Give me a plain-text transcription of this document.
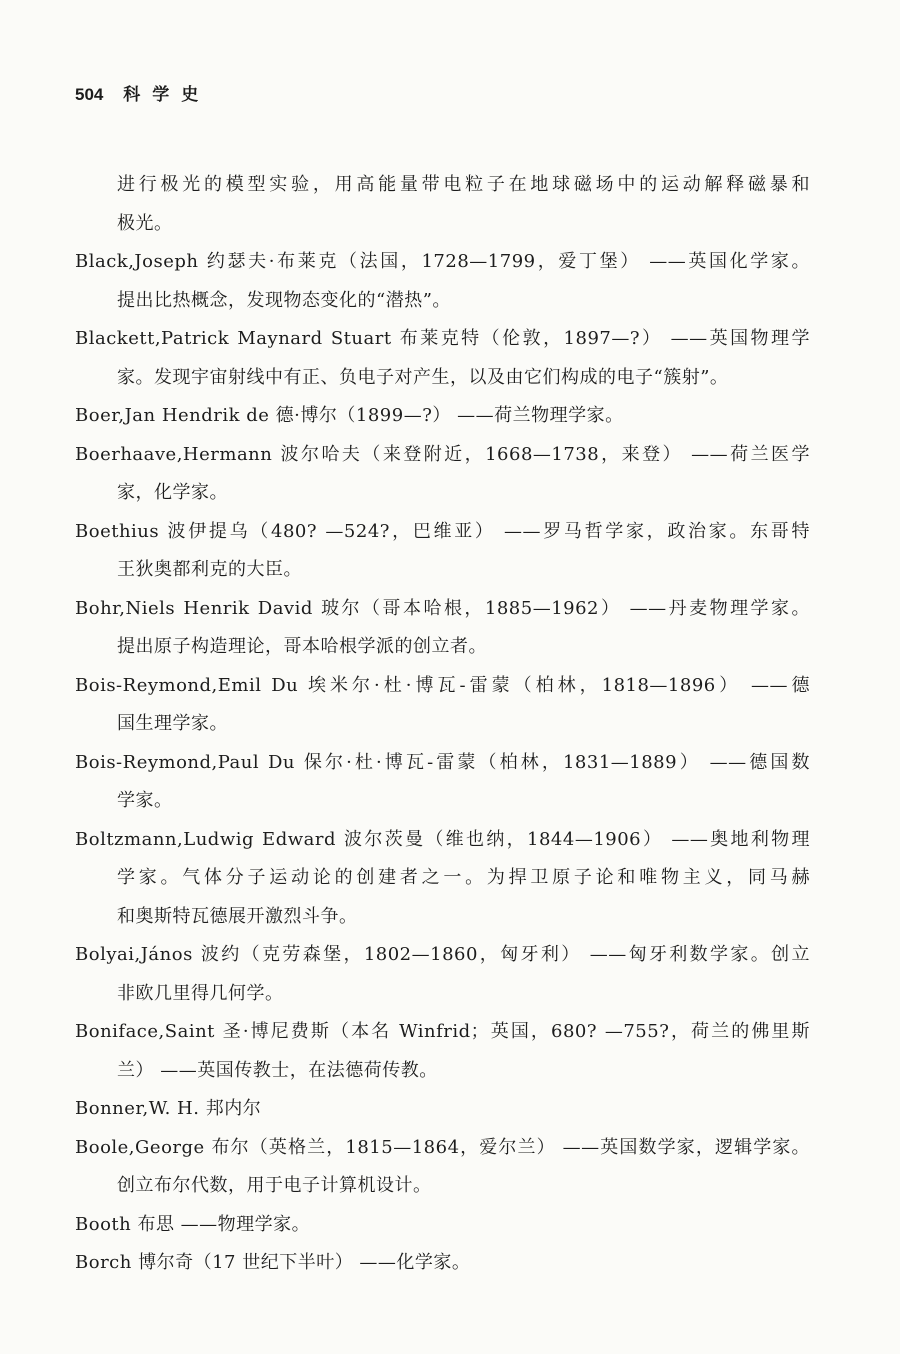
504 科学史
进行极光的模型实验，用高能量带电粒子在地球磁场中的运动解释磁暴和
极光。
Black,Joseph 约瑟夫·布莱克（法国，1728—1799，爱丁堡） ——英国化学家。
提出比热概念，发现物态变化的“潜热”。
Blackett,Patrick Maynard Stuart 布莱克特（伦敦，1897—?） ——英国物理学
家。发现宇宙射线中有正、负电子对产生，以及由它们构成的电子“簇射”。
Boer,Jan Hendrik de 德·博尔（1899—?） ——荷兰物理学家。
Boerhaave,Hermann 波尔哈夫（来登附近，1668—1738，来登） ——荷兰医学
家，化学家。
Boethius 波伊提乌（480? —524?，巴维亚） ——罗马哲学家，政治家。东哥特
王狄奥都利克的大臣。
Bohr,Niels Henrik David 玻尔（哥本哈根，1885—1962） ——丹麦物理学家。
提出原子构造理论，哥本哈根学派的创立者。
Bois-Reymond,Emil Du 埃米尔·杜·博瓦-雷蒙（柏林，1818—1896） ——德
国生理学家。
Bois-Reymond,Paul Du 保尔·杜·博瓦-雷蒙（柏林，1831—1889） ——德国数
学家。
Boltzmann,Ludwig Edward 波尔茨曼（维也纳，1844—1906） ——奥地利物理
学家。气体分子运动论的创建者之一。为捍卫原子论和唯物主义，同马赫
和奥斯特瓦德展开激烈斗争。
Bolyai,János 波约（克劳森堡，1802—1860，匈牙利） ——匈牙利数学家。创立
非欧几里得几何学。
Boniface,Saint 圣·博尼费斯（本名 Winfrid；英国，680? —755?，荷兰的佛里斯
兰） ——英国传教士，在法德荷传教。
Bonner,W. H. 邦内尔
Boole,George 布尔（英格兰，1815—1864，爱尔兰） ——英国数学家，逻辑学家。
创立布尔代数，用于电子计算机设计。
Booth 布思 ——物理学家。
Borch 博尔奇（17 世纪下半叶） ——化学家。
